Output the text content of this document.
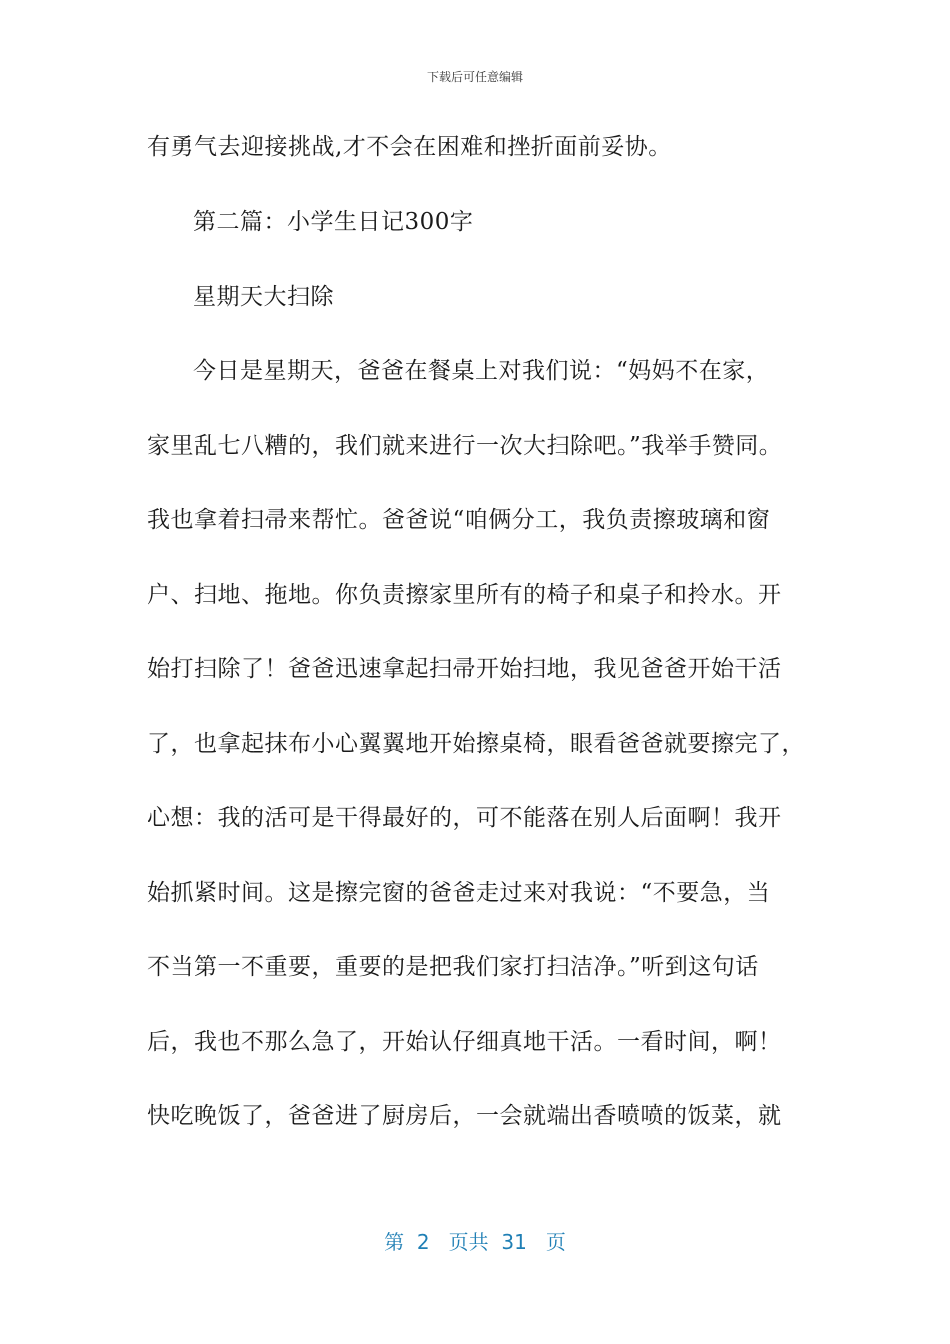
下载后可任意编辑
有勇气去迎接挑战,才不会在困难和挫折面前妥协。
第二篇：小学生日记300字
星期天大扫除
今日是星期天，爸爸在餐桌上对我们说：“妈妈不在家，
家里乱七八糟的，我们就来进行一次大扫除吧。”我举手赞同。
我也拿着扫帚来帮忙。爸爸说“咱俩分工，我负责擦玻璃和窗
户、扫地、拖地。你负责擦家里所有的椅子和桌子和拎水。开
始打扫除了！爸爸迅速拿起扫帚开始扫地，我见爸爸开始干活
了，也拿起抹布小心翼翼地开始擦桌椅，眼看爸爸就要擦完了，
心想：我的活可是干得最好的，可不能落在别人后面啊！我开
始抓紧时间。这是擦完窗的爸爸走过来对我说：“不要急，当
不当第一不重要，重要的是把我们家打扫洁净。”听到这句话
后，我也不那么急了，开始认仔细真地干活。一看时间，啊！
快吃晚饭了，爸爸进了厨房后，一会就端出香喷喷的饭菜，就
第  2   页共  31   页
